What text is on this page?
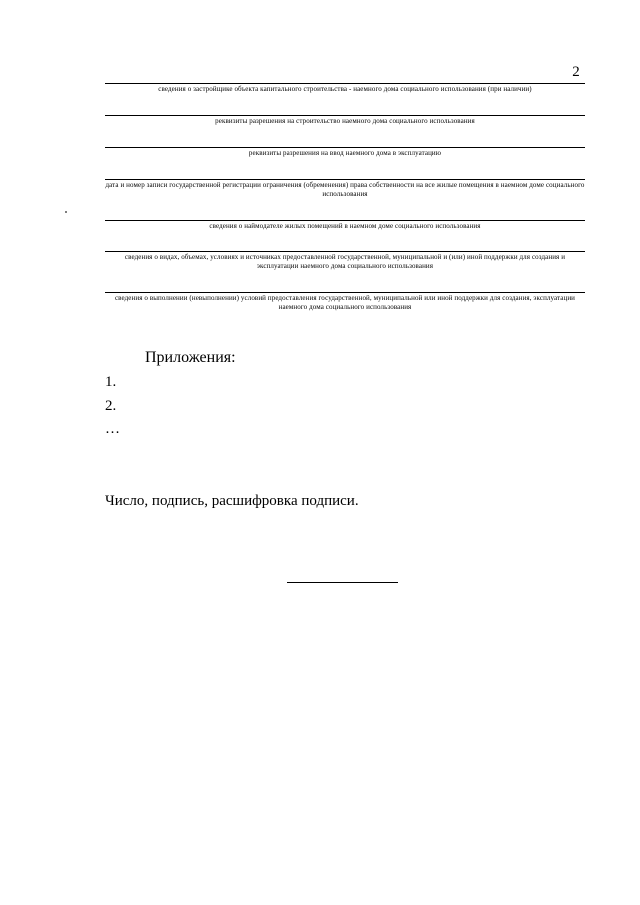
2
сведения о застройщике объекта капитального строительства - наемного дома социального использования (при наличии)
реквизиты разрешения на строительство наемного дома социального использования
реквизиты разрешения на ввод наемного дома в эксплуатацию
дата и номер записи государственной регистрации ограничения (обременения) права собственности на все жилые помещения в наемном доме социального использования
сведения о наймодателе жилых помещений в наемном доме социального использования
сведения о видах, объемах, условиях и источниках предоставленной государственной, муниципальной и (или) иной поддержки для создания и эксплуатации наемного дома социального использования
сведения о выполнении (невыполнении) условий предоставления государственной, муниципальной или иной поддержки для создания, эксплуатации наемного дома социального использования
Приложения:
1.
2.
…
Число, подпись, расшифровка подписи.
